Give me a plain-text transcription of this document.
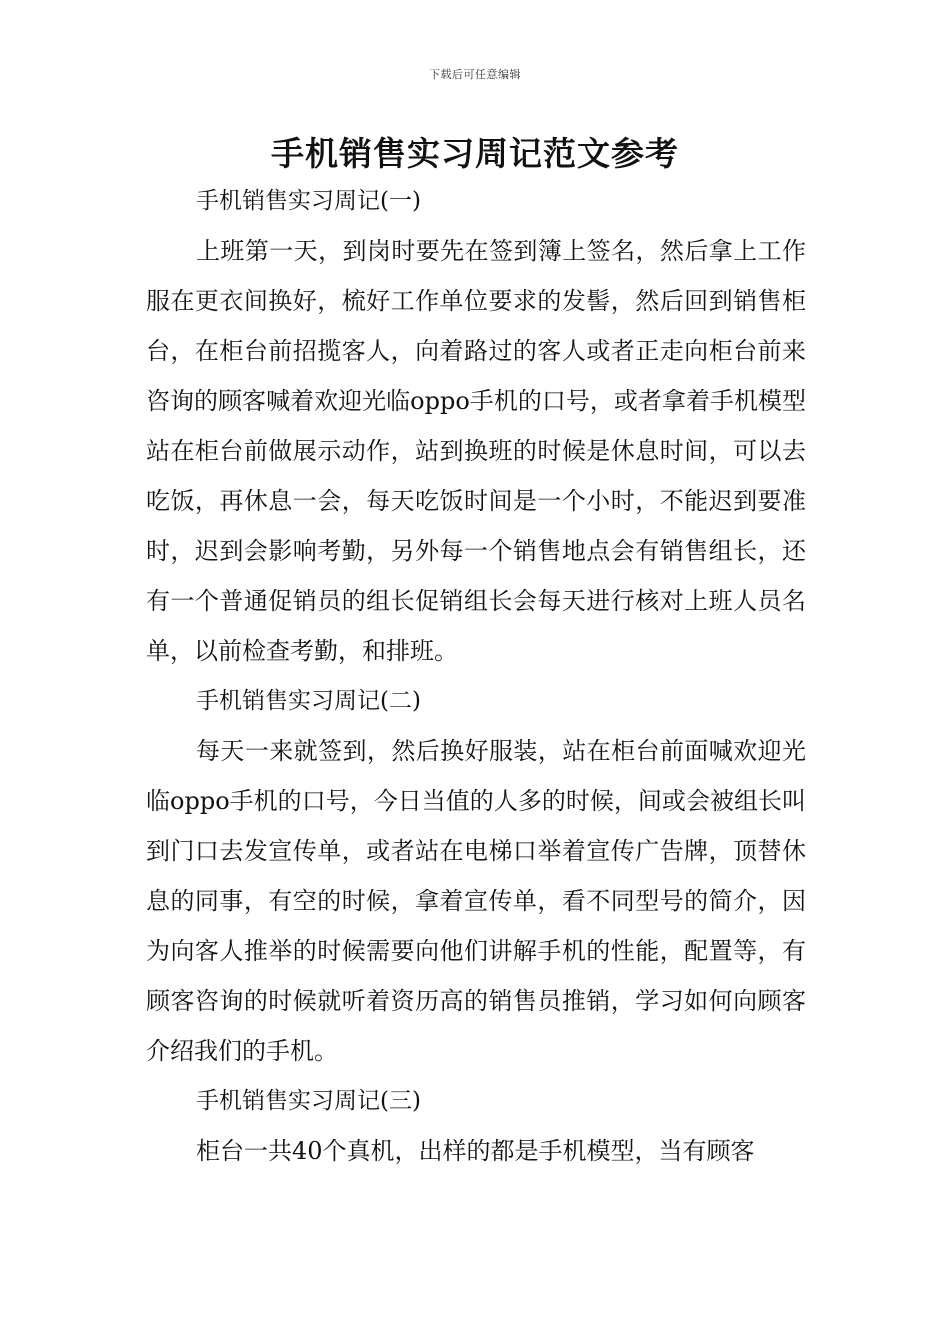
下载后可任意编辑
手机销售实习周记范文参考

手机销售实习周记(一)

上班第一天，到岗时要先在签到簿上签名，然后拿上工作服在更衣间换好，梳好工作单位要求的发髻，然后回到销售柜台，在柜台前招揽客人，向着路过的客人或者正走向柜台前来咨询的顾客喊着欢迎光临oppo手机的口号，或者拿着手机模型站在柜台前做展示动作，站到换班的时候是休息时间，可以去吃饭，再休息一会，每天吃饭时间是一个小时，不能迟到要准时，迟到会影响考勤，另外每一个销售地点会有销售组长，还有一个普通促销员的组长促销组长会每天进行核对上班人员名单，以前检查考勤，和排班。

手机销售实习周记(二)

每天一来就签到，然后换好服装，站在柜台前面喊欢迎光临oppo手机的口号，今日当值的人多的时候，间或会被组长叫到门口去发宣传单，或者站在电梯口举着宣传广告牌，顶替休息的同事，有空的时候，拿着宣传单，看不同型号的简介，因为向客人推举的时候需要向他们讲解手机的性能，配置等，有顾客咨询的时候就听着资历高的销售员推销，学习如何向顾客介绍我们的手机。

手机销售实习周记(三)

柜台一共40个真机，出样的都是手机模型，当有顾客
